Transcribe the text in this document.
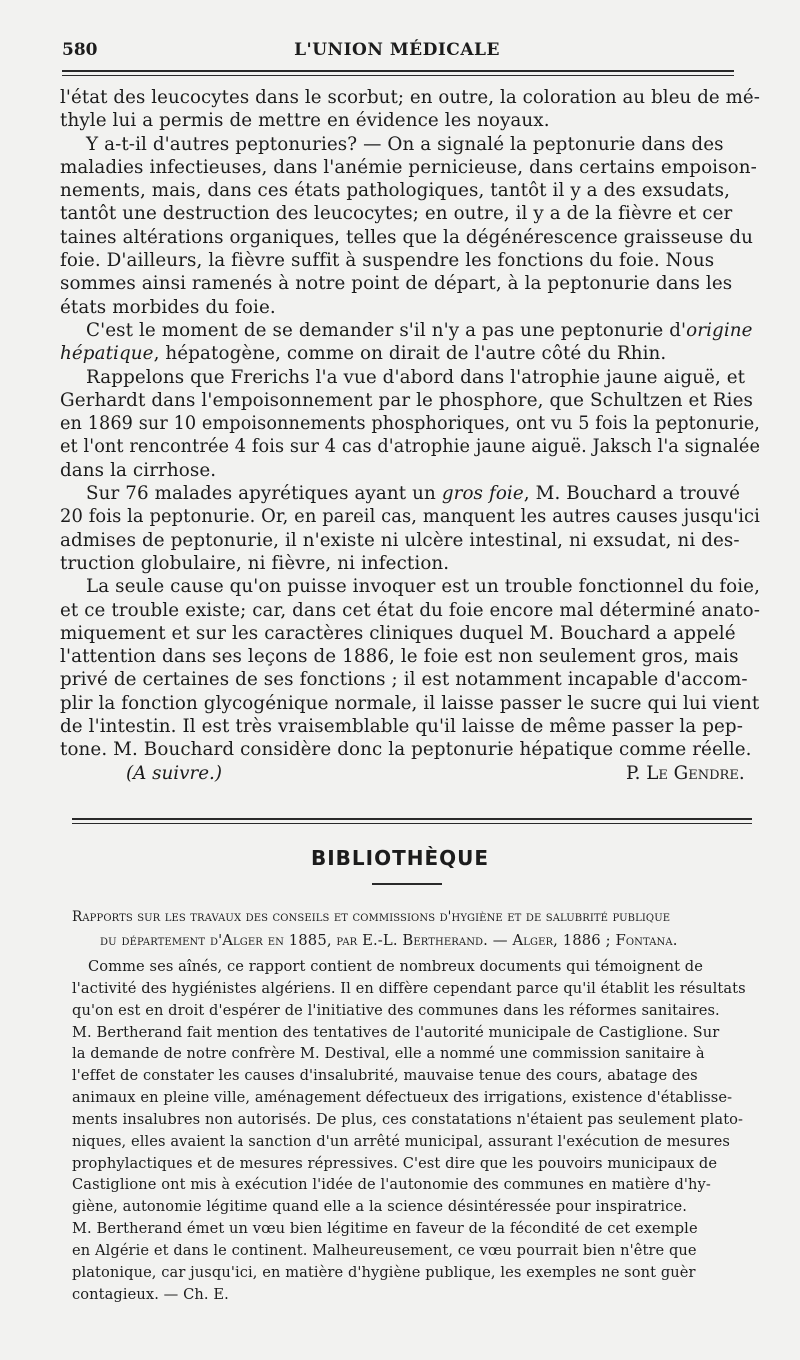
580	L'UNION MÉDICALE
l'état des leucocytes dans le scorbut; en outre, la coloration au bleu de mé-
thyle lui a permis de mettre en évidence les noyaux.
Y a-t-il d'autres peptonuries? — On a signalé la peptonurie dans des
maladies infectieuses, dans l'anémie pernicieuse, dans certains empoison-
nements, mais, dans ces états pathologiques, tantôt il y a des exsudats,
tantôt une destruction des leucocytes; en outre, il y a de la fièvre et cer
taines altérations organiques, telles que la dégénérescence graisseuse du
foie. D'ailleurs, la fièvre suffit à suspendre les fonctions du foie. Nous
sommes ainsi ramenés à notre point de départ, à la peptonurie dans les
états morbides du foie.
C'est le moment de se demander s'il n'y a pas une peptonurie d'origine
hépatique, hépatogène, comme on dirait de l'autre côté du Rhin.
Rappelons que Frerichs l'a vue d'abord dans l'atrophie jaune aiguë, et
Gerhardt dans l'empoisonnement par le phosphore, que Schultzen et Ries
en 1869 sur 10 empoisonnements phosphoriques, ont vu 5 fois la peptonurie,
et l'ont rencontrée 4 fois sur 4 cas d'atrophie jaune aiguë. Jaksch l'a signalée
dans la cirrhose.
Sur 76 malades apyrétiques ayant un gros foie, M. Bouchard a trouvé
20 fois la peptonurie. Or, en pareil cas, manquent les autres causes jusqu'ici
admises de peptonurie, il n'existe ni ulcère intestinal, ni exsudat, ni des-
truction globulaire, ni fièvre, ni infection.
La seule cause qu'on puisse invoquer est un trouble fonctionnel du foie,
et ce trouble existe; car, dans cet état du foie encore mal déterminé anato-
miquement et sur les caractères cliniques duquel M. Bouchard a appelé
l'attention dans ses leçons de 1886, le foie est non seulement gros, mais
privé de certaines de ses fonctions ; il est notamment incapable d'accom-
plir la fonction glycogénique normale, il laisse passer le sucre qui lui vient
de l'intestin. Il est très vraisemblable qu'il laisse de même passer la pep-
tone. M. Bouchard considère donc la peptonurie hépatique comme réelle.
(A suivre.)	P. Le Gendre.
BIBLIOTHÈQUE
Rapports sur les travaux des conseils et commissions d'hygiène et de salubrité publique
du département d'Alger en 1885, par E.-L. Bertherand. — Alger, 1886 ; Fontana.
Comme ses aînés, ce rapport contient de nombreux documents qui témoignent de
l'activité des hygiénistes algériens. Il en diffère cependant parce qu'il établit les résultats
qu'on est en droit d'espérer de l'initiative des communes dans les réformes sanitaires.
M. Bertherand fait mention des tentatives de l'autorité municipale de Castiglione. Sur
la demande de notre confrère M. Destival, elle a nommé une commission sanitaire à
l'effet de constater les causes d'insalubrité, mauvaise tenue des cours, abatage des
animaux en pleine ville, aménagement défectueux des irrigations, existence d'établisse-
ments insalubres non autorisés. De plus, ces constatations n'étaient pas seulement plato-
niques, elles avaient la sanction d'un arrêté municipal, assurant l'exécution de mesures
prophylactiques et de mesures répressives. C'est dire que les pouvoirs municipaux de
Castiglione ont mis à exécution l'idée de l'autonomie des communes en matière d'hy-
giène, autonomie légitime quand elle a la science désintéressée pour inspiratrice.
M. Bertherand émet un vœu bien légitime en faveur de la fécondité de cet exemple
en Algérie et dans le continent. Malheureusement, ce vœu pourrait bien n'être que
platonique, car jusqu'ici, en matière d'hygiène publique, les exemples ne sont guèr
contagieux. — Ch. E.
